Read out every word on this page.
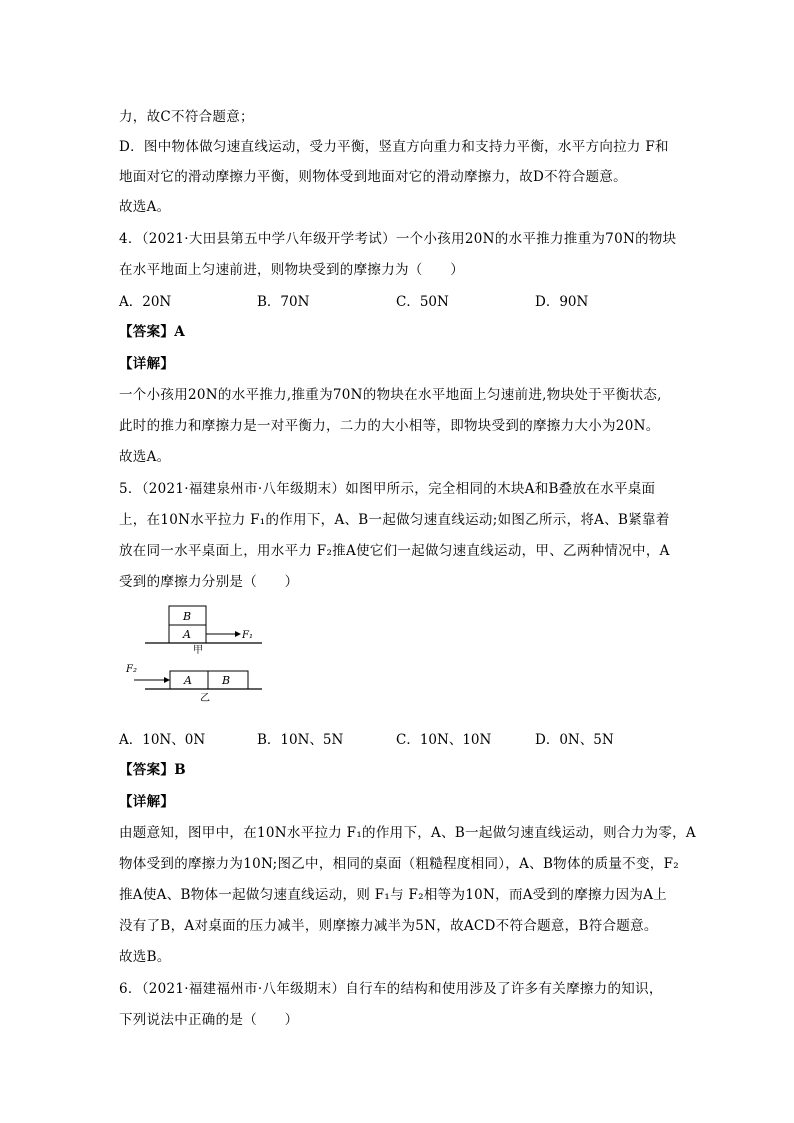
力，故C不符合题意；
D．图中物体做匀速直线运动，受力平衡，竖直方向重力和支持力平衡，水平方向拉力 F和
地面对它的滑动摩擦力平衡，则物体受到地面对它的滑动摩擦力，故D不符合题意。
故选A。
4．（2021·大田县第五中学八年级开学考试）一个小孩用20N的水平推力推重为70N的物块
在水平地面上匀速前进，则物块受到的摩擦力为（　　）
A．20N	B．70N	C．50N	D．90N
【答案】A
【详解】
一个小孩用20N的水平推力,推重为70N的物块在水平地面上匀速前进,物块处于平衡状态,
此时的推力和摩擦力是一对平衡力，二力的大小相等，即物块受到的摩擦力大小为20N。
故选A。
5．（2021·福建泉州市·八年级期末）如图甲所示，完全相同的木块A和B叠放在水平桌面
上，在10N水平拉力 F₁的作用下，A、B一起做匀速直线运动;如图乙所示，将A、B紧靠着
放在同一水平桌面上，用水平力 F₂推A使它们一起做匀速直线运动，甲、乙两种情况中，A
受到的摩擦力分别是（　　）
B
A	F₁
甲
F₂
A	B
乙
A．10N、0N	B．10N、5N	C．10N、10N	D．0N、5N
【答案】B
【详解】
由题意知，图甲中，在10N水平拉力 F₁的作用下，A、B一起做匀速直线运动，则合力为零，A
物体受到的摩擦力为10N;图乙中，相同的桌面（粗糙程度相同），A、B物体的质量不变，F₂
推A使A、B物体一起做匀速直线运动，则 F₁与 F₂相等为10N，而A受到的摩擦力因为A上
没有了B，A对桌面的压力减半，则摩擦力减半为5N，故ACD不符合题意，B符合题意。
故选B。
6．（2021·福建福州市·八年级期末）自行车的结构和使用涉及了许多有关摩擦力的知识，
下列说法中正确的是（　　）
